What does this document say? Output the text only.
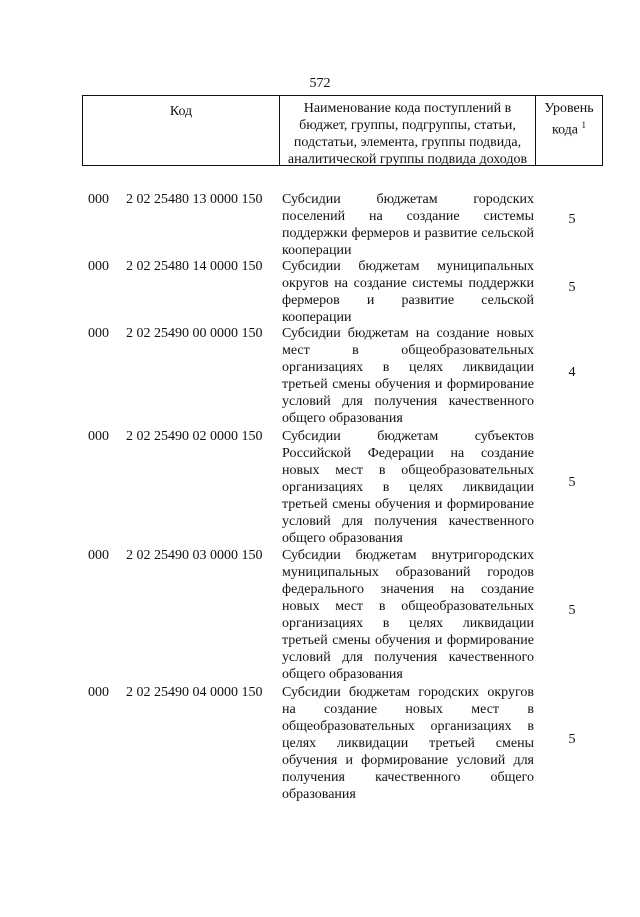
572
Код	Наименование кода поступлений в бюджет, группы, подгруппы, статьи, подстатьи, элемента, группы подвида, аналитической группы подвида доходов
Уровень кода $^1$
000 2 02 25480 13 0000 150 Субсидии бюджетам городских поселений на создание системы поддержки фермеров и развитие сельской кооперации
5
000 2 02 25480 14 0000 150 Субсидии бюджетам муниципальных округов на создание системы поддержки фермеров и развитие сельской кооперации
5
000 2 02 25490 00 0000 150 Субсидии бюджетам на создание новых мест в общеобразовательных организациях в целях ликвидации третьей смены обучения и формирование условий для получения качественного общего образования
4
000 2 02 25490 02 0000 150 Субсидии бюджетам субъектов Российской Федерации на создание новых мест в общеобразовательных организациях в целях ликвидации третьей смены обучения и формирование условий для получения качественного общего образования
5
000 2 02 25490 03 0000 150 Субсидии бюджетам внутригородских муниципальных образований городов федерального значения на создание новых мест в общеобразовательных организациях в целях ликвидации третьей смены обучения и формирование условий для получения качественного общего образования
5
000 2 02 25490 04 0000 150 Субсидии бюджетам городских округов на создание новых мест в общеобразовательных организациях в целях ликвидации третьей смены обучения и формирование условий для получения качественного общего образования
5
